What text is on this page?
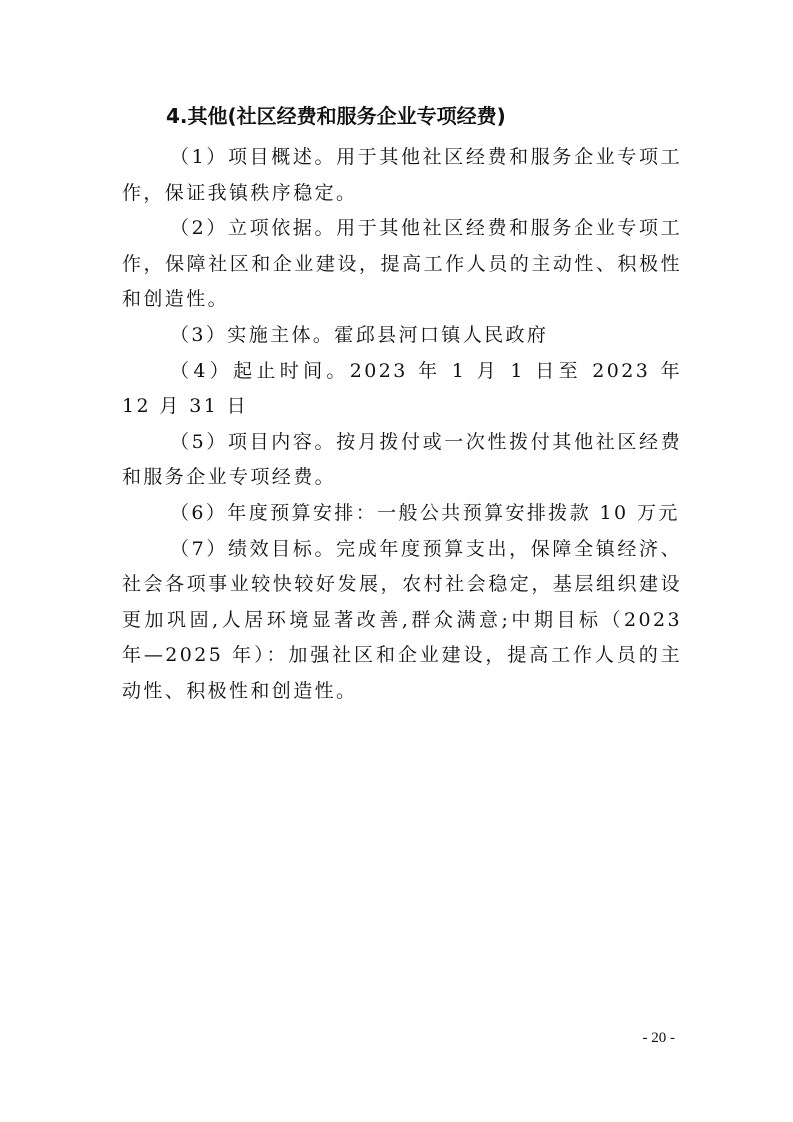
4.其他(社区经费和服务企业专项经费)

（1）项目概述。用于其他社区经费和服务企业专项工作，保证我镇秩序稳定。

（2）立项依据。用于其他社区经费和服务企业专项工作，保障社区和企业建设，提高工作人员的主动性、积极性和创造性。

（3）实施主体。霍邱县河口镇人民政府

（4）起止时间。2023 年 1 月 1 日至 2023 年 12 月 31 日

（5）项目内容。按月拨付或一次性拨付其他社区经费和服务企业专项经费。

（6）年度预算安排：一般公共预算安排拨款 10 万元

（7）绩效目标。完成年度预算支出，保障全镇经济、社会各项事业较快较好发展，农村社会稳定，基层组织建设更加巩固,人居环境显著改善,群众满意;中期目标（2023 年—2025 年）：加强社区和企业建设，提高工作人员的主动性、积极性和创造性。

- 20 -
